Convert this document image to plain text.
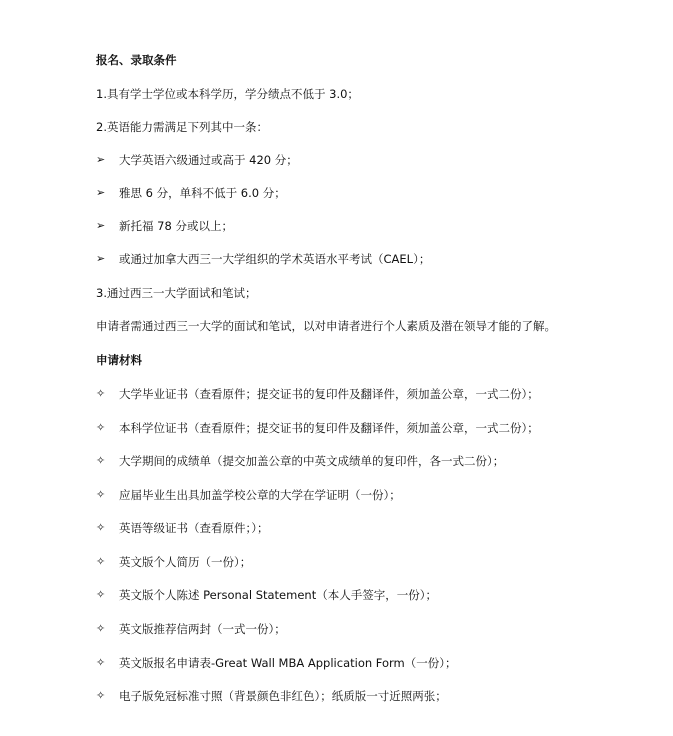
报名、录取条件
1.具有学士学位或本科学历，学分绩点不低于 3.0；
2.英语能力需满足下列其中一条：
➢	大学英语六级通过或高于 420 分；
➢	雅思 6 分，单科不低于 6.0 分；
➢	新托福 78 分或以上；
➢	或通过加拿大西三一大学组织的学术英语水平考试（CAEL）；
3.通过西三一大学面试和笔试；
申请者需通过西三一大学的面试和笔试，以对申请者进行个人素质及潜在领导才能的了解。
申请材料
✧	大学毕业证书（查看原件；提交证书的复印件及翻译件，须加盖公章，一式二份）；
✧	本科学位证书（查看原件；提交证书的复印件及翻译件，须加盖公章，一式二份）；
✧	大学期间的成绩单（提交加盖公章的中英文成绩单的复印件，各一式二份）；
✧	应届毕业生出具加盖学校公章的大学在学证明（一份）；
✧	英语等级证书（查看原件；）；
✧	英文版个人简历（一份）；
✧	英文版个人陈述 Personal Statement（本人手签字，一份）；
✧	英文版推荐信两封（一式一份）；
✧	英文版报名申请表-Great Wall MBA Application Form（一份）；
✧	电子版免冠标准寸照（背景颜色非红色）；纸质版一寸近照两张；
